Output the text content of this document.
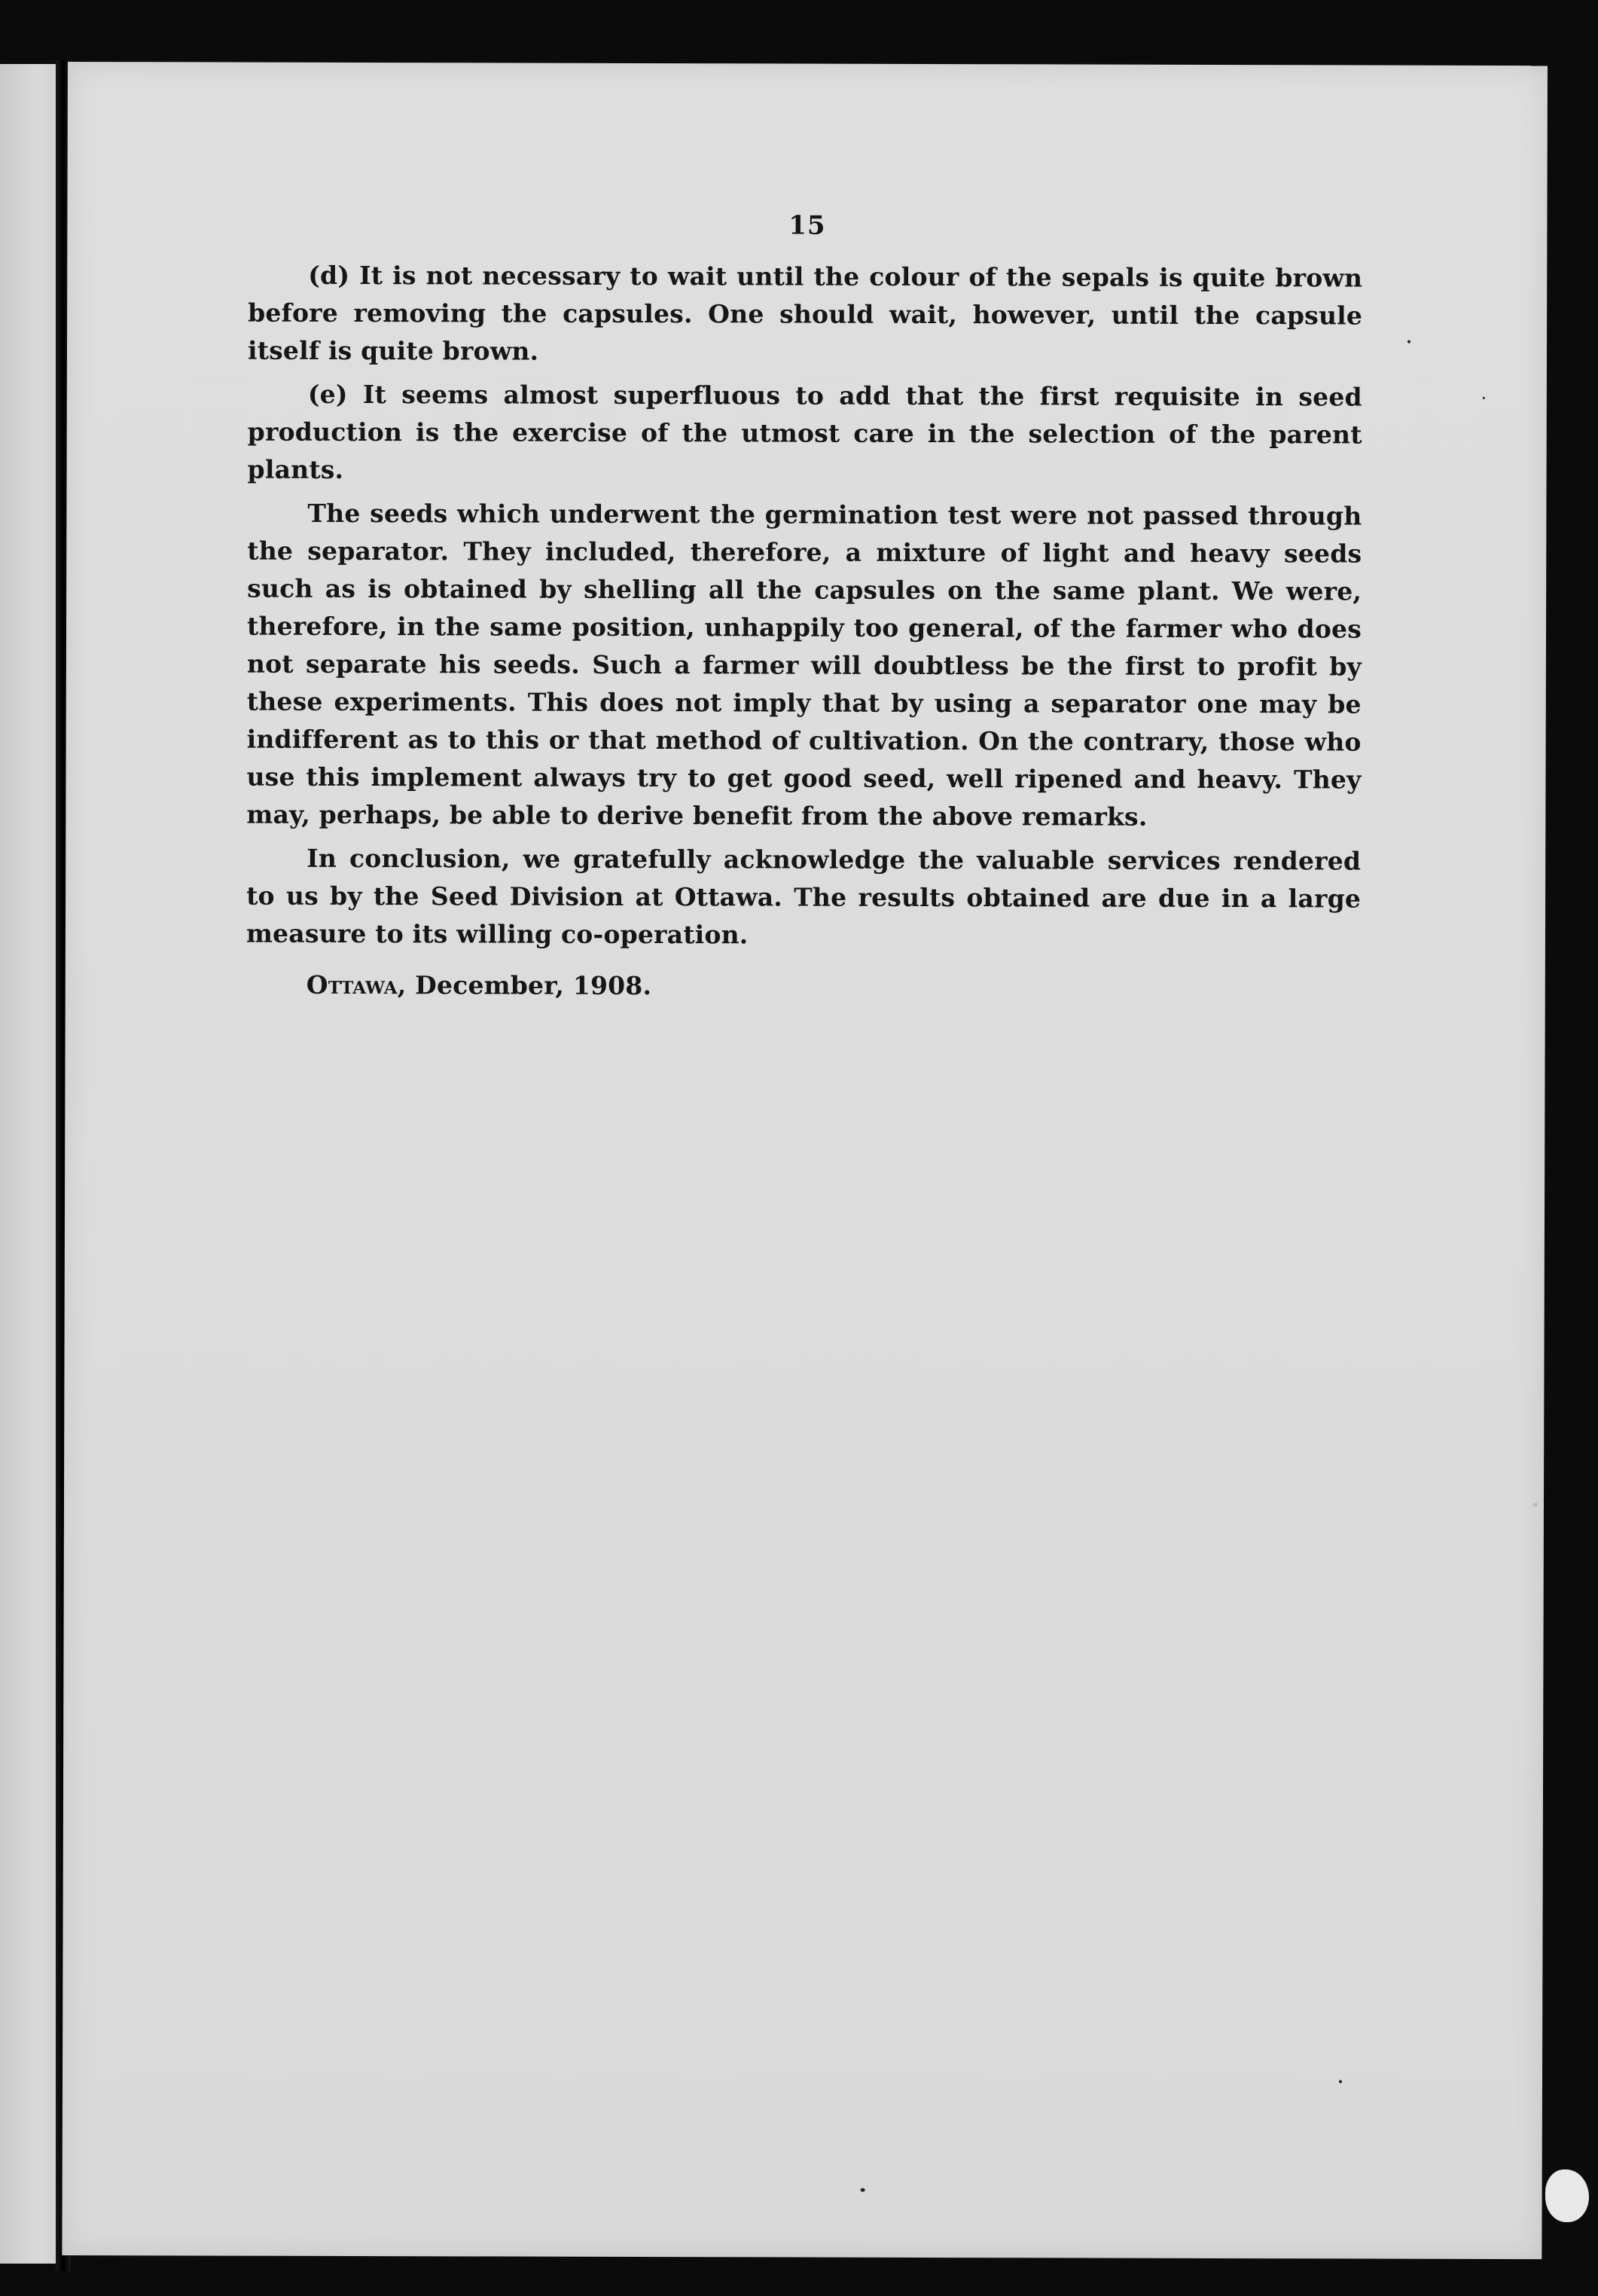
15

(d) It is not necessary to wait until the colour of the sepals is quite brown before removing the capsules. One should wait, however, until the capsule itself is quite brown.

(e) It seems almost superfluous to add that the first requisite in seed production is the exercise of the utmost care in the selection of the parent plants.

The seeds which underwent the germination test were not passed through the separator. They included, therefore, a mixture of light and heavy seeds such as is obtained by shelling all the capsules on the same plant. We were, therefore, in the same position, unhappily too general, of the farmer who does not separate his seeds. Such a farmer will doubtless be the first to profit by these experiments. This does not imply that by using a separator one may be indifferent as to this or that method of cultivation. On the contrary, those who use this implement always try to get good seed, well ripened and heavy. They may, perhaps, be able to derive benefit from the above remarks.

In conclusion, we gratefully acknowledge the valuable services rendered to us by the Seed Division at Ottawa. The results obtained are due in a large measure to its willing co-operation.

Ottawa, December, 1908.
